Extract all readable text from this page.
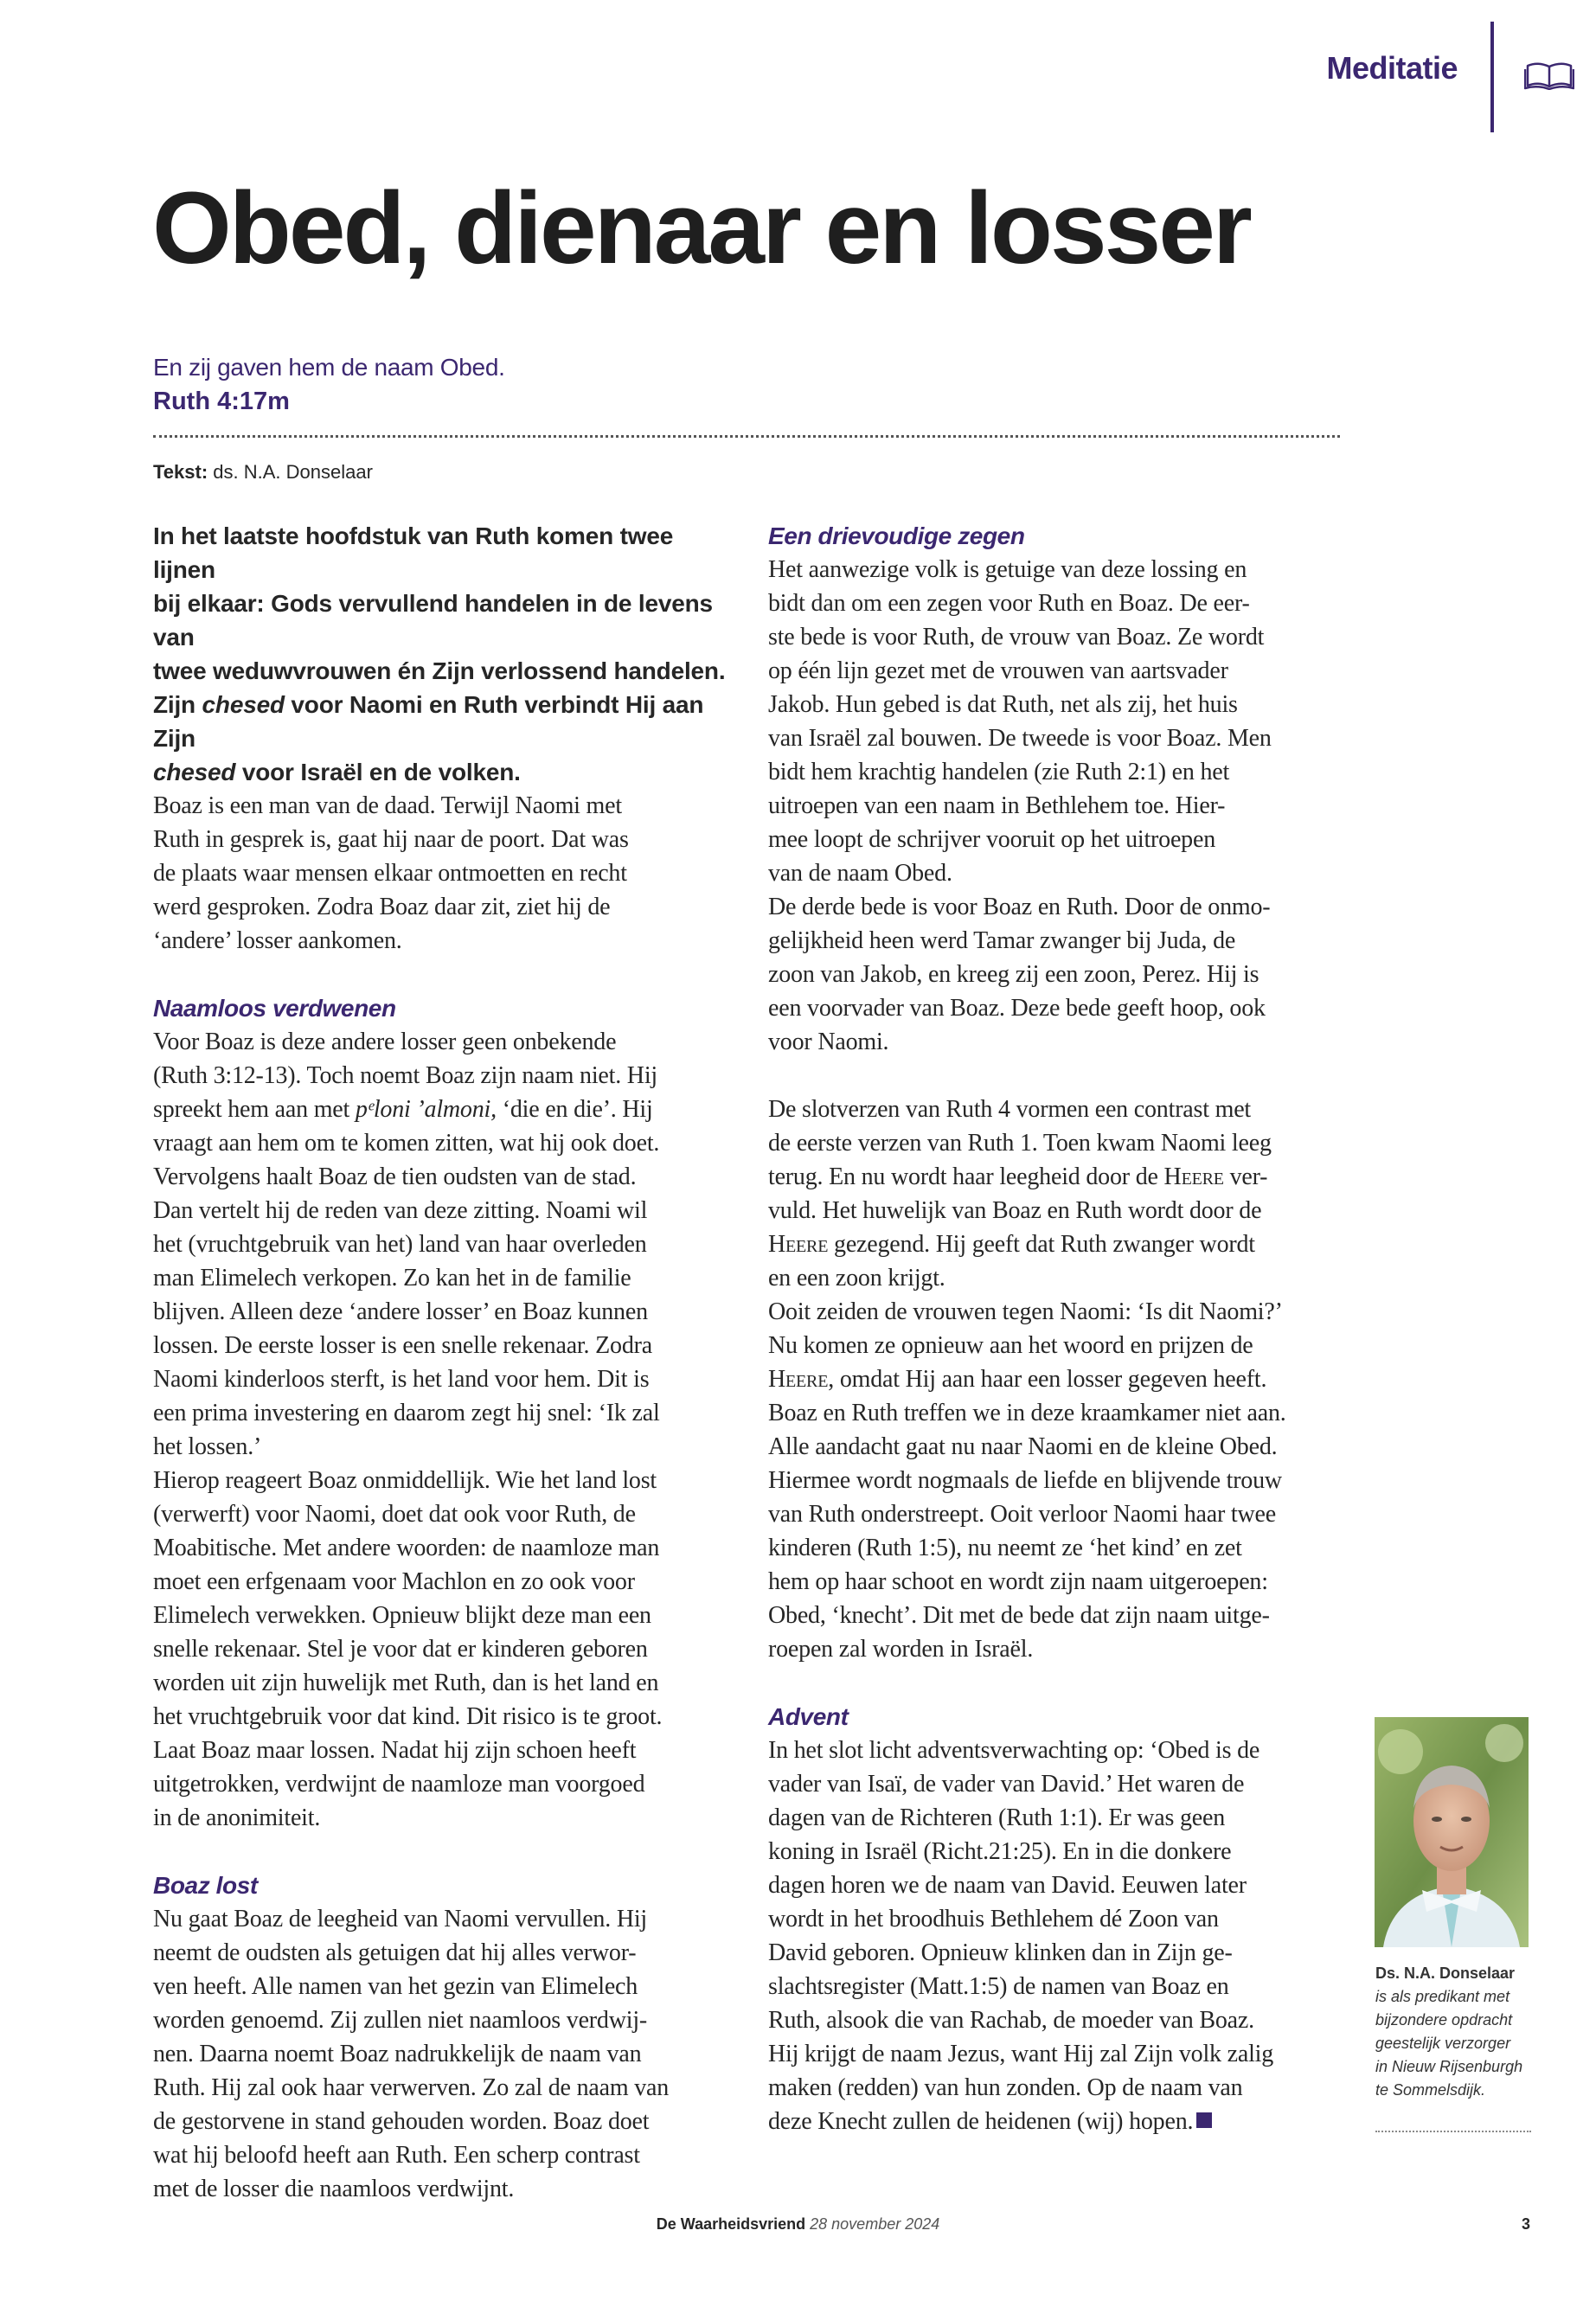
Meditatie
Obed, dienaar en losser
En zij gaven hem de naam Obed.
Ruth 4:17m
Tekst: ds. N.A. Donselaar

In het laatste hoofdstuk van Ruth komen twee lijnen
bij elkaar: Gods vervullend handelen in de levens van
twee weduwvrouwen én Zijn verlossend handelen.
Zijn chesed voor Naomi en Ruth verbindt Hij aan Zijn
chesed voor Israël en de volken.

Boaz is een man van de daad. Terwijl Naomi met
Ruth in gesprek is, gaat hij naar de poort. Dat was
de plaats waar mensen elkaar ontmoetten en recht
werd gesproken. Zodra Boaz daar zit, ziet hij de
‘andere’ losser aankomen.

Naamloos verdwenen

Voor Boaz is deze andere losser geen onbekende
(Ruth 3:12-13). Toch noemt Boaz zijn naam niet. Hij
spreekt hem aan met pᵉloni ’almoni, ‘die en die’. Hij
vraagt aan hem om te komen zitten, wat hij ook doet.
Vervolgens haalt Boaz de tien oudsten van de stad.
Dan vertelt hij de reden van deze zitting. Noami wil
het (vruchtgebruik van het) land van haar overleden
man Elimelech verkopen. Zo kan het in de familie
blijven. Alleen deze ‘andere losser’ en Boaz kunnen
lossen. De eerste losser is een snelle rekenaar. Zodra
Naomi kinderloos sterft, is het land voor hem. Dit is
een prima investering en daarom zegt hij snel: ‘Ik zal
het lossen.’
Hierop reageert Boaz onmiddellijk. Wie het land lost
(verwerft) voor Naomi, doet dat ook voor Ruth, de
Moabitische. Met andere woorden: de naamloze man
moet een erfgenaam voor Machlon en zo ook voor
Elimelech verwekken. Opnieuw blijkt deze man een
snelle rekenaar. Stel je voor dat er kinderen geboren
worden uit zijn huwelijk met Ruth, dan is het land en
het vruchtgebruik voor dat kind. Dit risico is te groot.
Laat Boaz maar lossen. Nadat hij zijn schoen heeft
uitgetrokken, verdwijnt de naamloze man voorgoed
in de anonimiteit.

Boaz lost

Nu gaat Boaz de leegheid van Naomi vervullen. Hij
neemt de oudsten als getuigen dat hij alles verwor-
ven heeft. Alle namen van het gezin van Elimelech
worden genoemd. Zij zullen niet naamloos verdwij-
nen. Daarna noemt Boaz nadrukkelijk de naam van
Ruth. Hij zal ook haar verwerven. Zo zal de naam van
de gestorvene in stand gehouden worden. Boaz doet
wat hij beloofd heeft aan Ruth. Een scherp contrast
met de losser die naamloos verdwijnt.

Een drievoudige zegen

Het aanwezige volk is getuige van deze lossing en
bidt dan om een zegen voor Ruth en Boaz. De eer-
ste bede is voor Ruth, de vrouw van Boaz. Ze wordt
op één lijn gezet met de vrouwen van aartsvader
Jakob. Hun gebed is dat Ruth, net als zij, het huis
van Israël zal bouwen. De tweede is voor Boaz. Men
bidt hem krachtig handelen (zie Ruth 2:1) en het
uitroepen van een naam in Bethlehem toe. Hier-
mee loopt de schrijver vooruit op het uitroepen
van de naam Obed.
De derde bede is voor Boaz en Ruth. Door de onmo-
gelijkheid heen werd Tamar zwanger bij Juda, de
zoon van Jakob, en kreeg zij een zoon, Perez. Hij is
een voorvader van Boaz. Deze bede geeft hoop, ook
voor Naomi.

De slotverzen van Ruth 4 vormen een contrast met
de eerste verzen van Ruth 1. Toen kwam Naomi leeg
terug. En nu wordt haar leegheid door de Heere ver-
vuld. Het huwelijk van Boaz en Ruth wordt door de
Heere gezegend. Hij geeft dat Ruth zwanger wordt
en een zoon krijgt.
Ooit zeiden de vrouwen tegen Naomi: ‘Is dit Naomi?’
Nu komen ze opnieuw aan het woord en prijzen de
Heere, omdat Hij aan haar een losser gegeven heeft.
Boaz en Ruth treffen we in deze kraamkamer niet aan.
Alle aandacht gaat nu naar Naomi en de kleine Obed.
Hiermee wordt nogmaals de liefde en blijvende trouw
van Ruth onderstreept. Ooit verloor Naomi haar twee
kinderen (Ruth 1:5), nu neemt ze ‘het kind’ en zet
hem op haar schoot en wordt zijn naam uitgeroepen:
Obed, ‘knecht’. Dit met de bede dat zijn naam uitge-
roepen zal worden in Israël.

Advent

In het slot licht adventsverwachting op: ‘Obed is de
vader van Isaï, de vader van David.’ Het waren de
dagen van de Richteren (Ruth 1:1). Er was geen
koning in Israël (Richt.21:25). En in die donkere
dagen horen we de naam van David. Eeuwen later
wordt in het broodhuis Bethlehem dé Zoon van
David geboren. Opnieuw klinken dan in Zijn ge-
slachtsregister (Matt.1:5) de namen van Boaz en
Ruth, alsook die van Rachab, de moeder van Boaz.
Hij krijgt de naam Jezus, want Hij zal Zijn volk zalig
maken (redden) van hun zonden. Op de naam van
deze Knecht zullen de heidenen (wij) hopen.

Ds. N.A. Donselaar
is als predikant met
bijzondere opdracht
geestelijk verzorger
in Nieuw Rijsenburgh
te Sommelsdijk.
De Waarheidsvriend 28 november 2024	3
